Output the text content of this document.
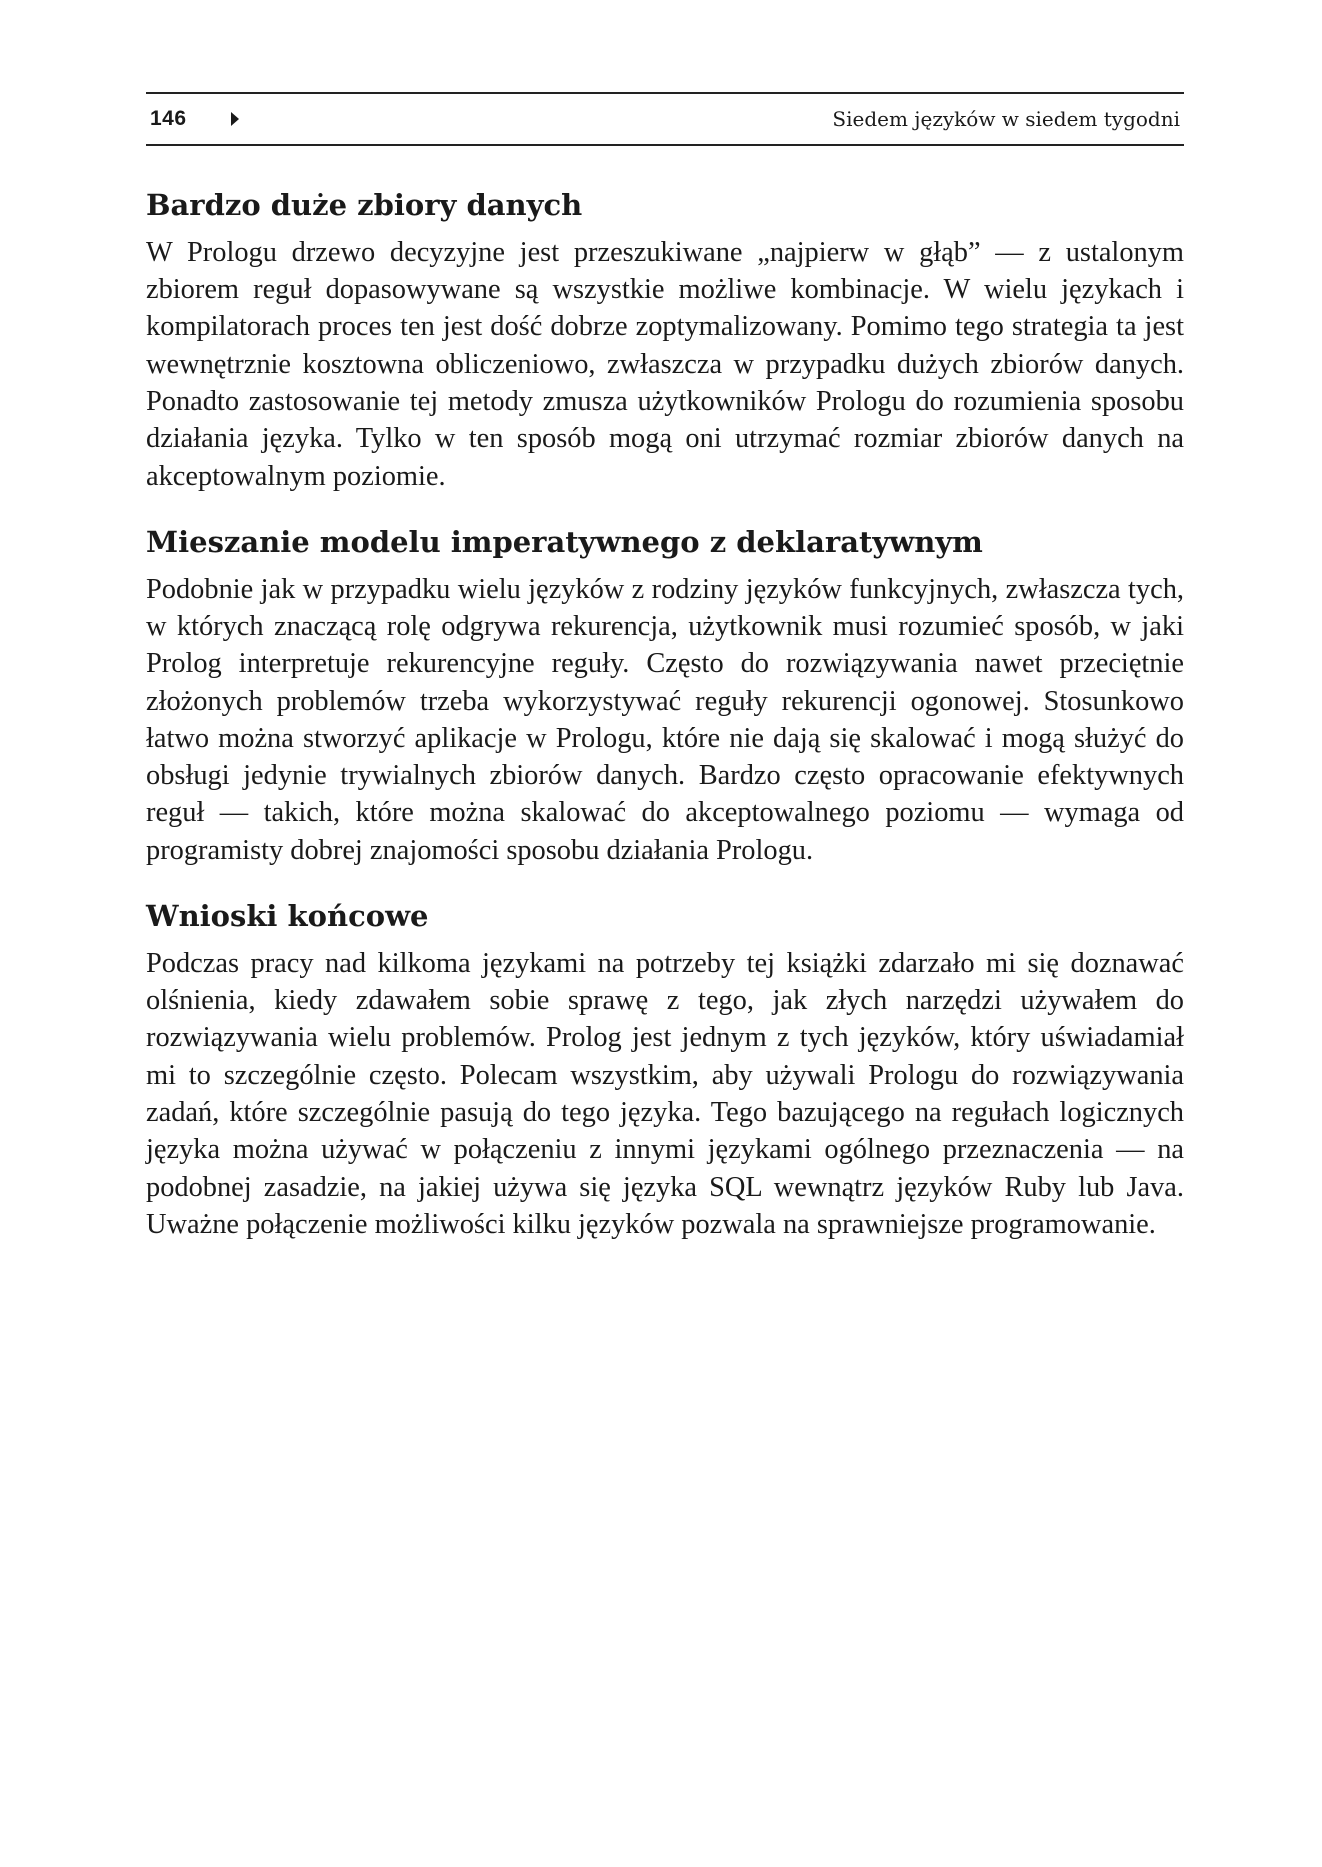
146	Siedem języków w siedem tygodni
Bardzo duże zbiory danych

W Prologu drzewo decyzyjne jest przeszukiwane „najpierw w głąb” — z ustalonym zbiorem reguł dopasowywane są wszystkie możliwe kombinacje. W wielu językach i kompilatorach proces ten jest dość dobrze zoptymalizowany. Pomimo tego strategia ta jest wewnętrznie kosztowna obliczeniowo, zwłaszcza w przypadku dużych zbiorów danych. Ponadto zastosowanie tej metody zmusza użytkowników Prologu do rozumienia sposobu działania języka. Tylko w ten sposób mogą oni utrzymać rozmiar zbiorów danych na akceptowalnym poziomie.

Mieszanie modelu imperatywnego z deklaratywnym

Podobnie jak w przypadku wielu języków z rodziny języków funkcyjnych, zwłaszcza tych, w których znaczącą rolę odgrywa rekurencja, użytkownik musi rozumieć sposób, w jaki Prolog interpretuje rekurencyjne reguły. Często do rozwiązywania nawet przeciętnie złożonych problemów trzeba wykorzystywać reguły rekurencji ogonowej. Stosunkowo łatwo można stworzyć aplikacje w Prologu, które nie dają się skalować i mogą służyć do obsługi jedynie trywialnych zbiorów danych. Bardzo często opracowanie efektywnych reguł — takich, które można skalować do akceptowalnego poziomu — wymaga od programisty dobrej znajomości sposobu działania Prologu.

Wnioski końcowe

Podczas pracy nad kilkoma językami na potrzeby tej książki zdarzało mi się doznawać olśnienia, kiedy zdawałem sobie sprawę z tego, jak złych narzędzi używałem do rozwiązywania wielu problemów. Prolog jest jednym z tych języków, który uświadamiał mi to szczególnie często. Polecam wszystkim, aby używali Prologu do rozwiązywania zadań, które szczególnie pasują do tego języka. Tego bazującego na regułach logicznych języka można używać w połączeniu z innymi językami ogólnego przeznaczenia — na podobnej zasadzie, na jakiej używa się języka SQL wewnątrz języków Ruby lub Java. Uważne połączenie możliwości kilku języków pozwala na sprawniejsze programowanie.
